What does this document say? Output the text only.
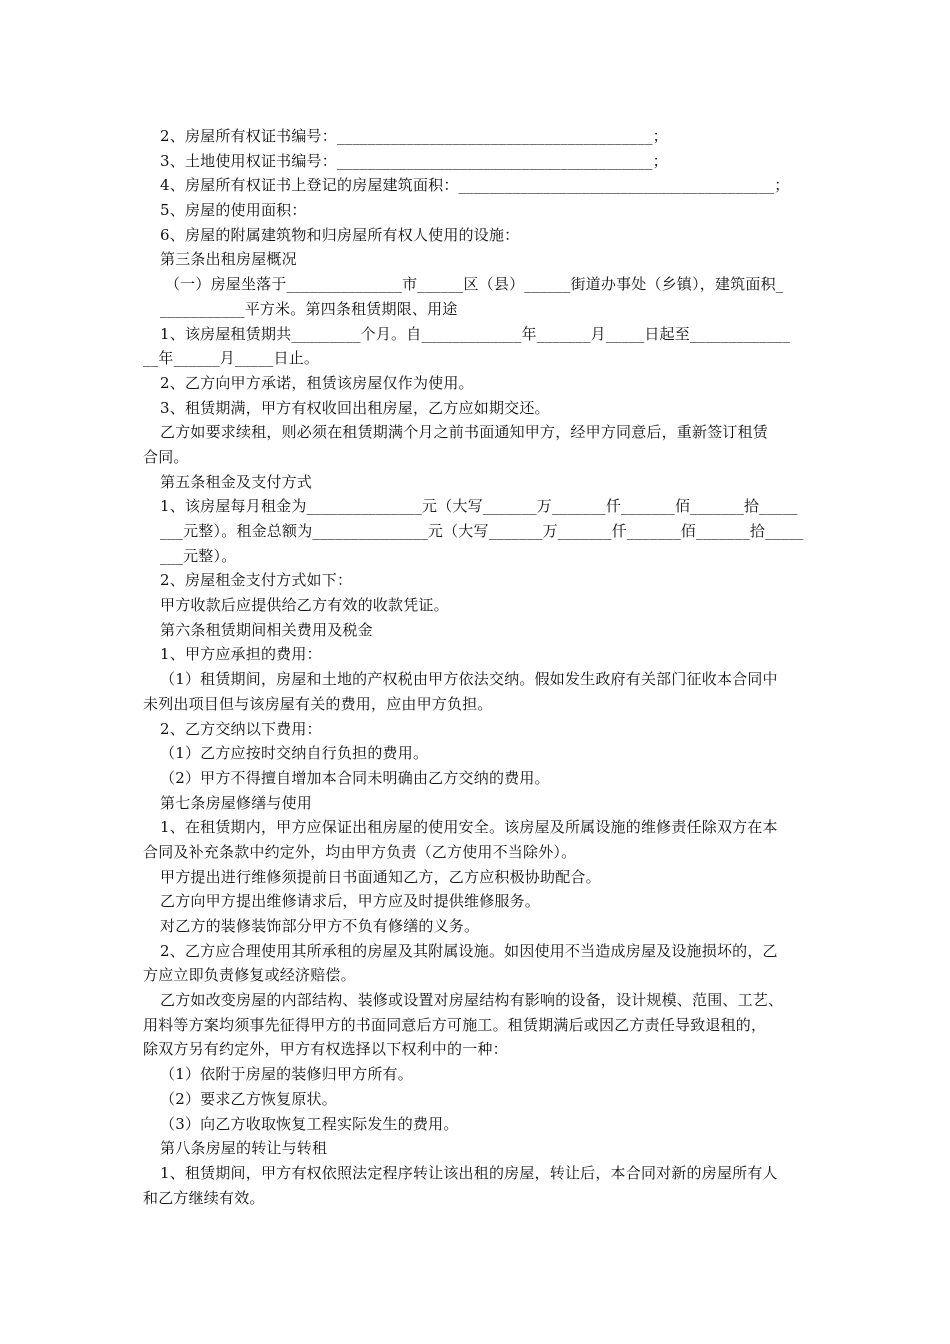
2、房屋所有权证书编号：_________________________________________；
3、土地使用权证书编号：_________________________________________；
4、房屋所有权证书上登记的房屋建筑面积：_________________________________________；
5、房屋的使用面积：
6、房屋的附属建筑物和归房屋所有权人使用的设施：
第三条出租房屋概况
（一）房屋坐落于_______________市______区（县）______街道办事处（乡镇），建筑面积_
___________平方米。第四条租赁期限、用途
1、该房屋租赁期共_________个月。自_____________年_______月_____日起至_____________
__年______月_____日止。
2、乙方向甲方承诺，租赁该房屋仅作为使用。
3、租赁期满，甲方有权收回出租房屋，乙方应如期交还。
乙方如要求续租，则必须在租赁期满个月之前书面通知甲方，经甲方同意后，重新签订租赁
合同。
第五条租金及支付方式
1、该房屋每月租金为_______________元（大写_______万_______仟_______佰_______拾_____
___元整）。租金总额为_______________元（大写_______万_______仟_______佰_______拾_____
___元整）。
2、房屋租金支付方式如下：
甲方收款后应提供给乙方有效的收款凭证。
第六条租赁期间相关费用及税金
1、甲方应承担的费用：
（1）租赁期间，房屋和土地的产权税由甲方依法交纳。假如发生政府有关部门征收本合同中
未列出项目但与该房屋有关的费用，应由甲方负担。
2、乙方交纳以下费用：
（1）乙方应按时交纳自行负担的费用。
（2）甲方不得擅自增加本合同未明确由乙方交纳的费用。
第七条房屋修缮与使用
1、在租赁期内，甲方应保证出租房屋的使用安全。该房屋及所属设施的维修责任除双方在本
合同及补充条款中约定外，均由甲方负责（乙方使用不当除外）。
甲方提出进行维修须提前日书面通知乙方，乙方应积极协助配合。
乙方向甲方提出维修请求后，甲方应及时提供维修服务。
对乙方的装修装饰部分甲方不负有修缮的义务。
2、乙方应合理使用其所承租的房屋及其附属设施。如因使用不当造成房屋及设施损坏的，乙
方应立即负责修复或经济赔偿。
乙方如改变房屋的内部结构、装修或设置对房屋结构有影响的设备，设计规模、范围、工艺、
用料等方案均须事先征得甲方的书面同意后方可施工。租赁期满后或因乙方责任导致退租的，
除双方另有约定外，甲方有权选择以下权利中的一种：
（1）依附于房屋的装修归甲方所有。
（2）要求乙方恢复原状。
（3）向乙方收取恢复工程实际发生的费用。
第八条房屋的转让与转租
1、租赁期间，甲方有权依照法定程序转让该出租的房屋，转让后，本合同对新的房屋所有人
和乙方继续有效。
